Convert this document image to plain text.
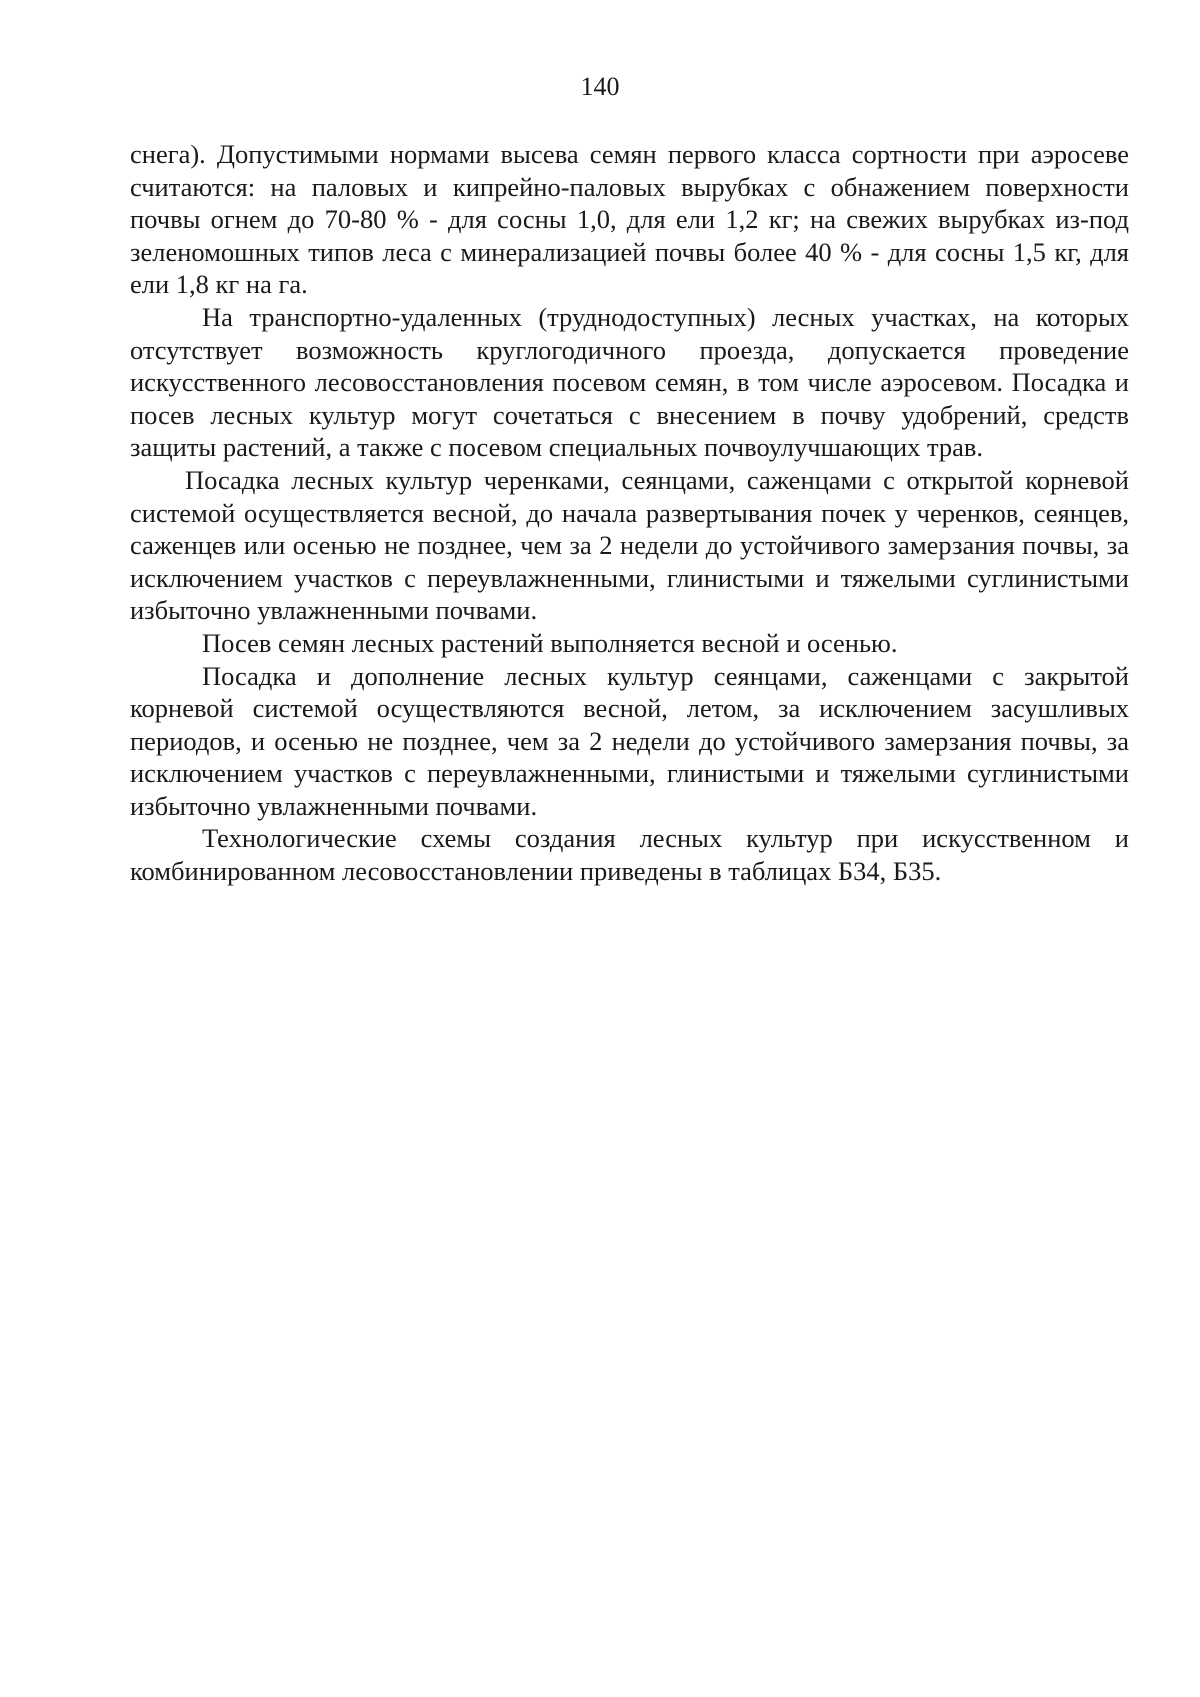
140

снега). Допустимыми нормами высева семян первого класса сортности при аэросеве считаются: на паловых и кипрейно-паловых вырубках с обнажением поверхности почвы огнем до 70-80 % - для сосны 1,0, для ели 1,2 кг; на свежих вырубках из-под зеленомошных типов леса с минерализацией почвы более 40 % - для сосны 1,5 кг, для ели 1,8 кг на га.

На транспортно-удаленных (труднодоступных) лесных участках, на которых отсутствует возможность круглогодичного проезда, допускается проведение искусственного лесовосстановления посевом семян, в том числе аэросевом. Посадка и посев лесных культур могут сочетаться с внесением в почву удобрений, средств защиты растений, а также с посевом специальных почвоулучшающих трав.

Посадка лесных культур черенками, сеянцами, саженцами с открытой корневой системой осуществляется весной, до начала развертывания почек у черенков, сеянцев, саженцев или осенью не позднее, чем за 2 недели до устойчивого замерзания почвы, за исключением участков с переувлажненными, глинистыми и тяжелыми суглинистыми избыточно увлажненными почвами.

Посев семян лесных растений выполняется весной и осенью.

Посадка и дополнение лесных культур сеянцами, саженцами с закрытой корневой системой осуществляются весной, летом, за исключением засушливых периодов, и осенью не позднее, чем за 2 недели до устойчивого замерзания почвы, за исключением участков с переувлажненными, глинистыми и тяжелыми суглинистыми избыточно увлажненными почвами.

Технологические схемы создания лесных культур при искусственном и комбинированном лесовосстановлении приведены в таблицах Б34, Б35.
